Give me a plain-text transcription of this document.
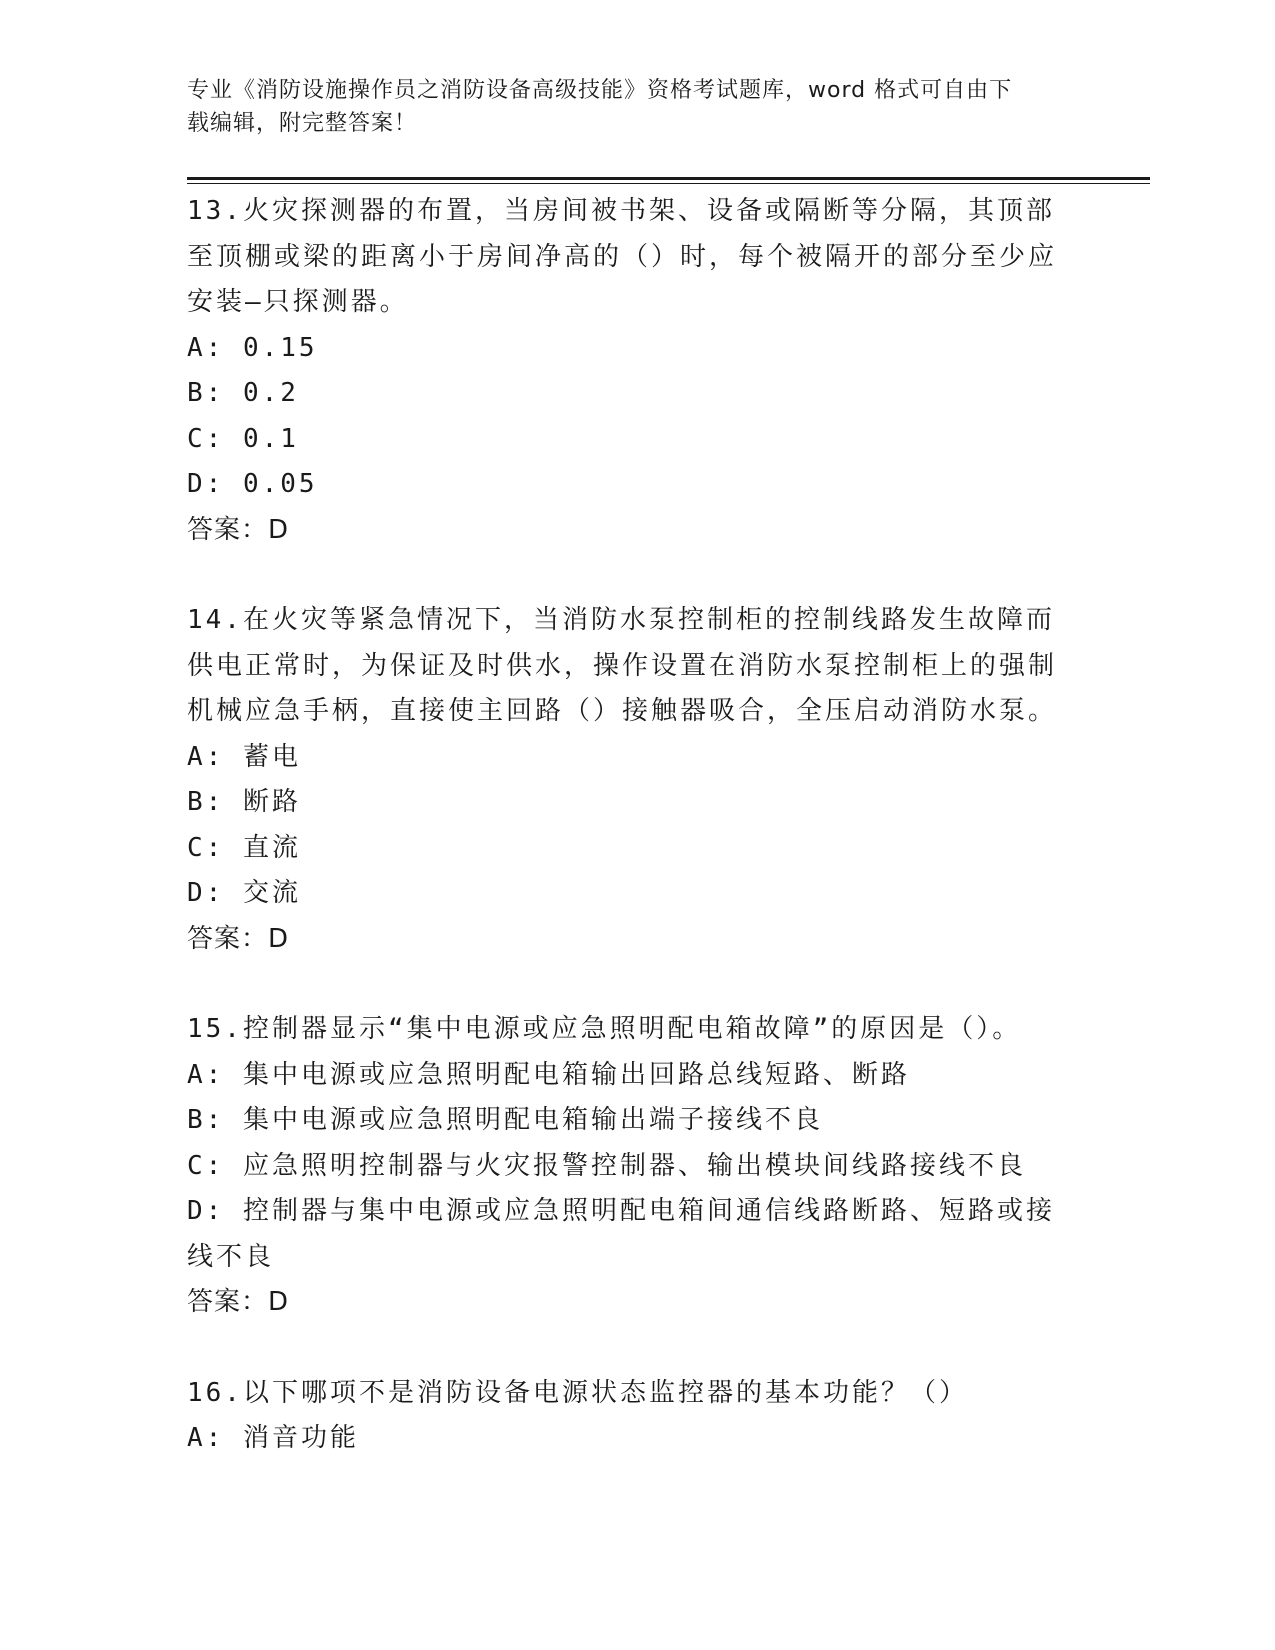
专业《消防设施操作员之消防设备高级技能》资格考试题库，word 格式可自由下
载编辑，附完整答案！

13.火灾探测器的布置，当房间被书架、设备或隔断等分隔，其顶部至顶棚或梁的距离小于房间净高的（）时，每个被隔开的部分至少应安装—只探测器。

A: 0.15

B: 0.2

C: 0.1

D: 0.05

答案：D

14.在火灾等紧急情况下，当消防水泵控制柜的控制线路发生故障而供电正常时，为保证及时供水，操作设置在消防水泵控制柜上的强制机械应急手柄，直接使主回路（）接触器吸合，全压启动消防水泵。

A: 蓄电

B: 断路

C: 直流

D: 交流

答案：D

15.控制器显示“集中电源或应急照明配电箱故障”的原因是（）。

A: 集中电源或应急照明配电箱输出回路总线短路、断路

B: 集中电源或应急照明配电箱输出端子接线不良

C: 应急照明控制器与火灾报警控制器、输出模块间线路接线不良

D: 控制器与集中电源或应急照明配电箱间通信线路断路、短路或接线不良

答案：D

16.以下哪项不是消防设备电源状态监控器的基本功能？（）

A: 消音功能
